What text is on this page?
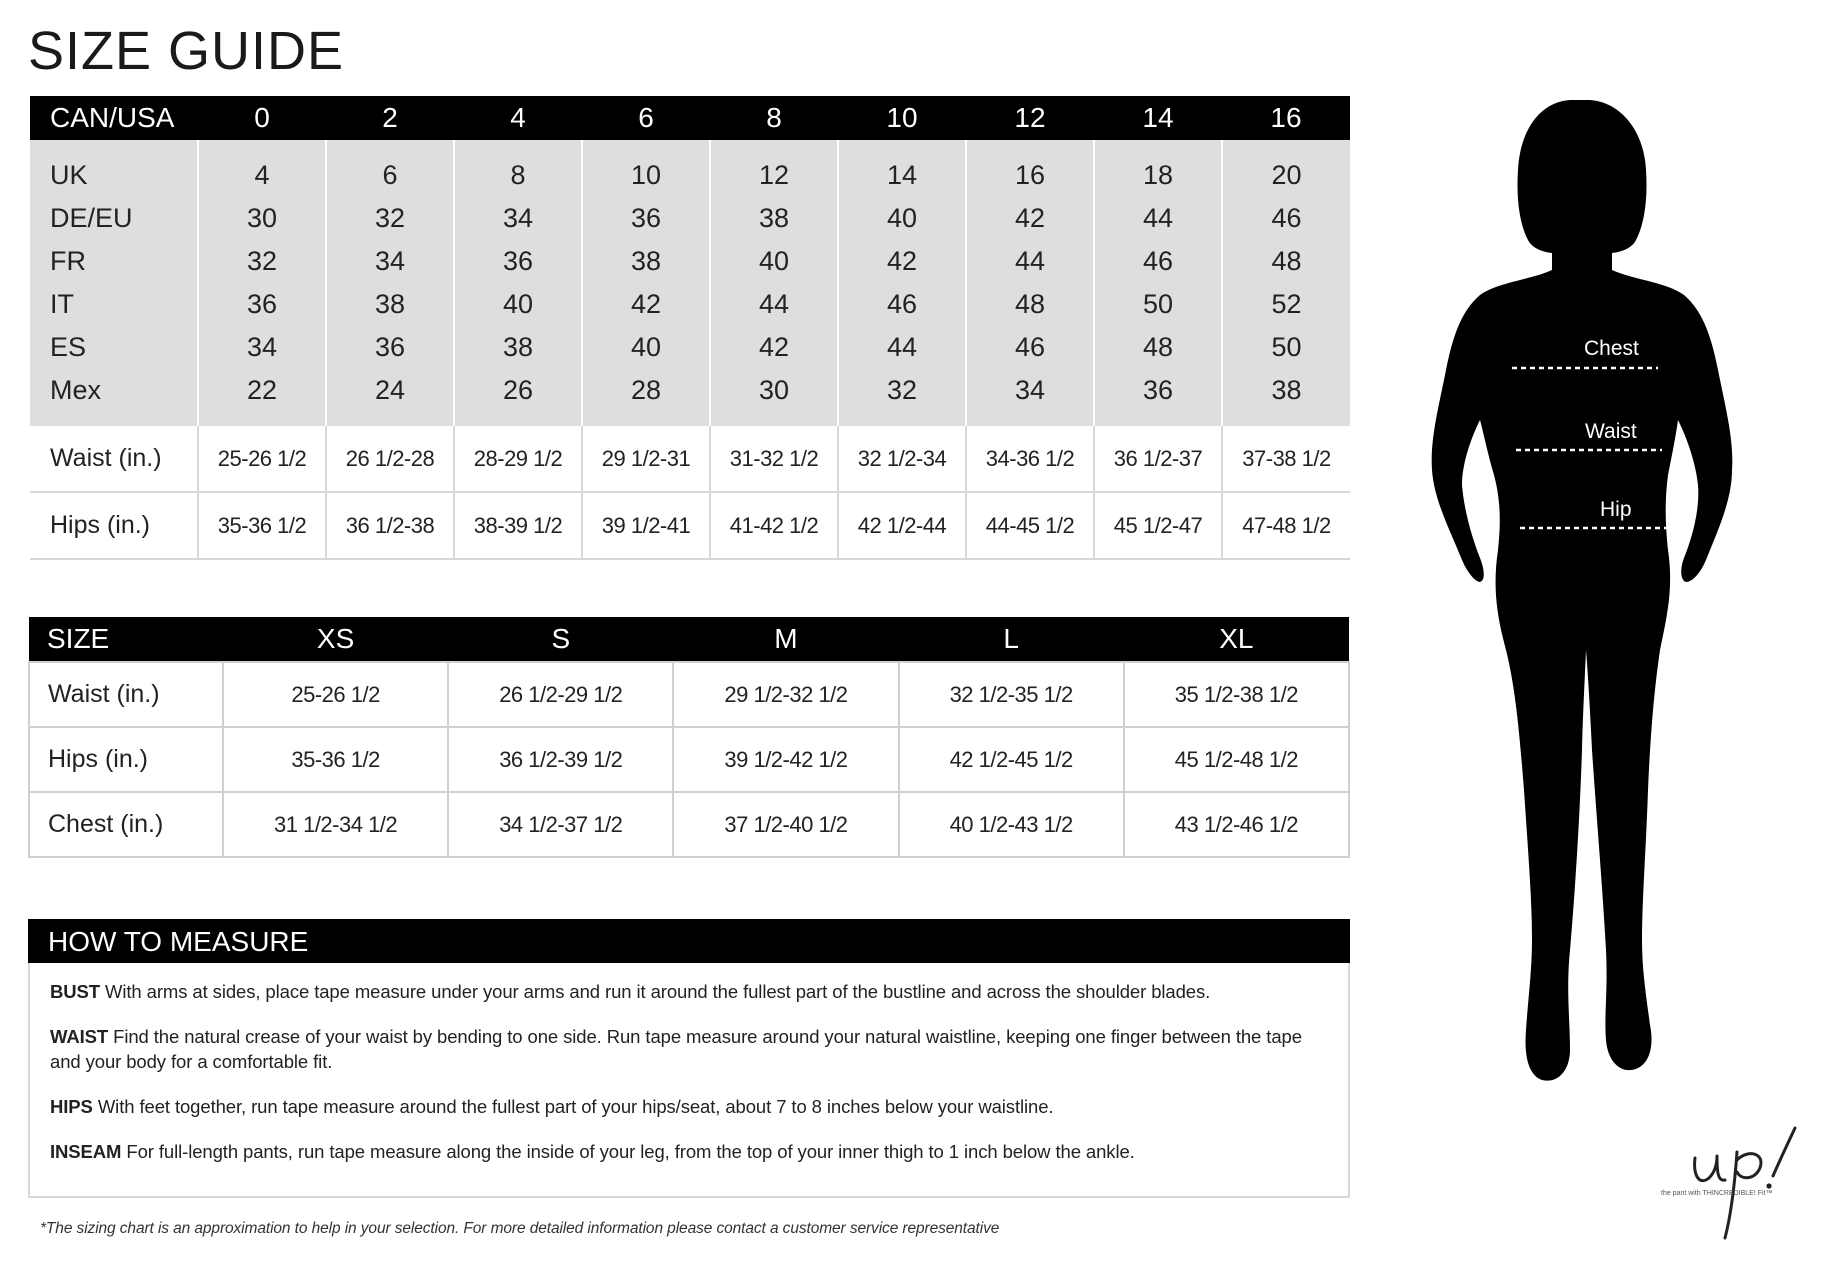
SIZE GUIDE
CAN/USA	0	2	4	6	8	10	12	14	16
UK	4	6	8	10	12	14	16	18	20
DE/EU	30	32	34	36	38	40	42	44	46
FR	32	34	36	38	40	42	44	46	48
IT	36	38	40	42	44	46	48	50	52
ES	34	36	38	40	42	44	46	48	50
Mex	22	24	26	28	30	32	34	36	38
Waist (in.)	25-26 1/2	26 1/2-28	28-29 1/2	29 1/2-31	31-32 1/2	32 1/2-34	34-36 1/2	36 1/2-37	37-38 1/2
Hips (in.)	35-36 1/2	36 1/2-38	38-39 1/2	39 1/2-41	41-42 1/2	42 1/2-44	44-45 1/2	45 1/2-47	47-48 1/2
SIZE	XS	S	M	L	XL
Waist (in.)	25-26 1/2	26 1/2-29 1/2	29 1/2-32 1/2	32 1/2-35 1/2	35 1/2-38 1/2
Hips (in.)	35-36 1/2	36 1/2-39 1/2	39 1/2-42 1/2	42 1/2-45 1/2	45 1/2-48 1/2
Chest (in.)	31 1/2-34 1/2	34 1/2-37 1/2	37 1/2-40 1/2	40 1/2-43 1/2	43 1/2-46 1/2
HOW TO MEASURE

BUST With arms at sides, place tape measure under your arms and run it around the fullest part of the bustline and across the shoulder blades.

WAIST Find the natural crease of your waist by bending to one side. Run tape measure around your natural waistline, keeping one finger between the tape and your body for a comfortable fit.

HIPS With feet together, run tape measure around the fullest part of your hips/seat, about 7 to 8 inches below your waistline.

INSEAM For full-length pants, run tape measure along the inside of your leg, from the top of your inner thigh to 1 inch below the ankle.

*The sizing chart is an approximation to help in your selection. For more detailed information please contact a customer service representative
Chest
Waist
Hip
the pant with THINCREDIBLE! Fit™
